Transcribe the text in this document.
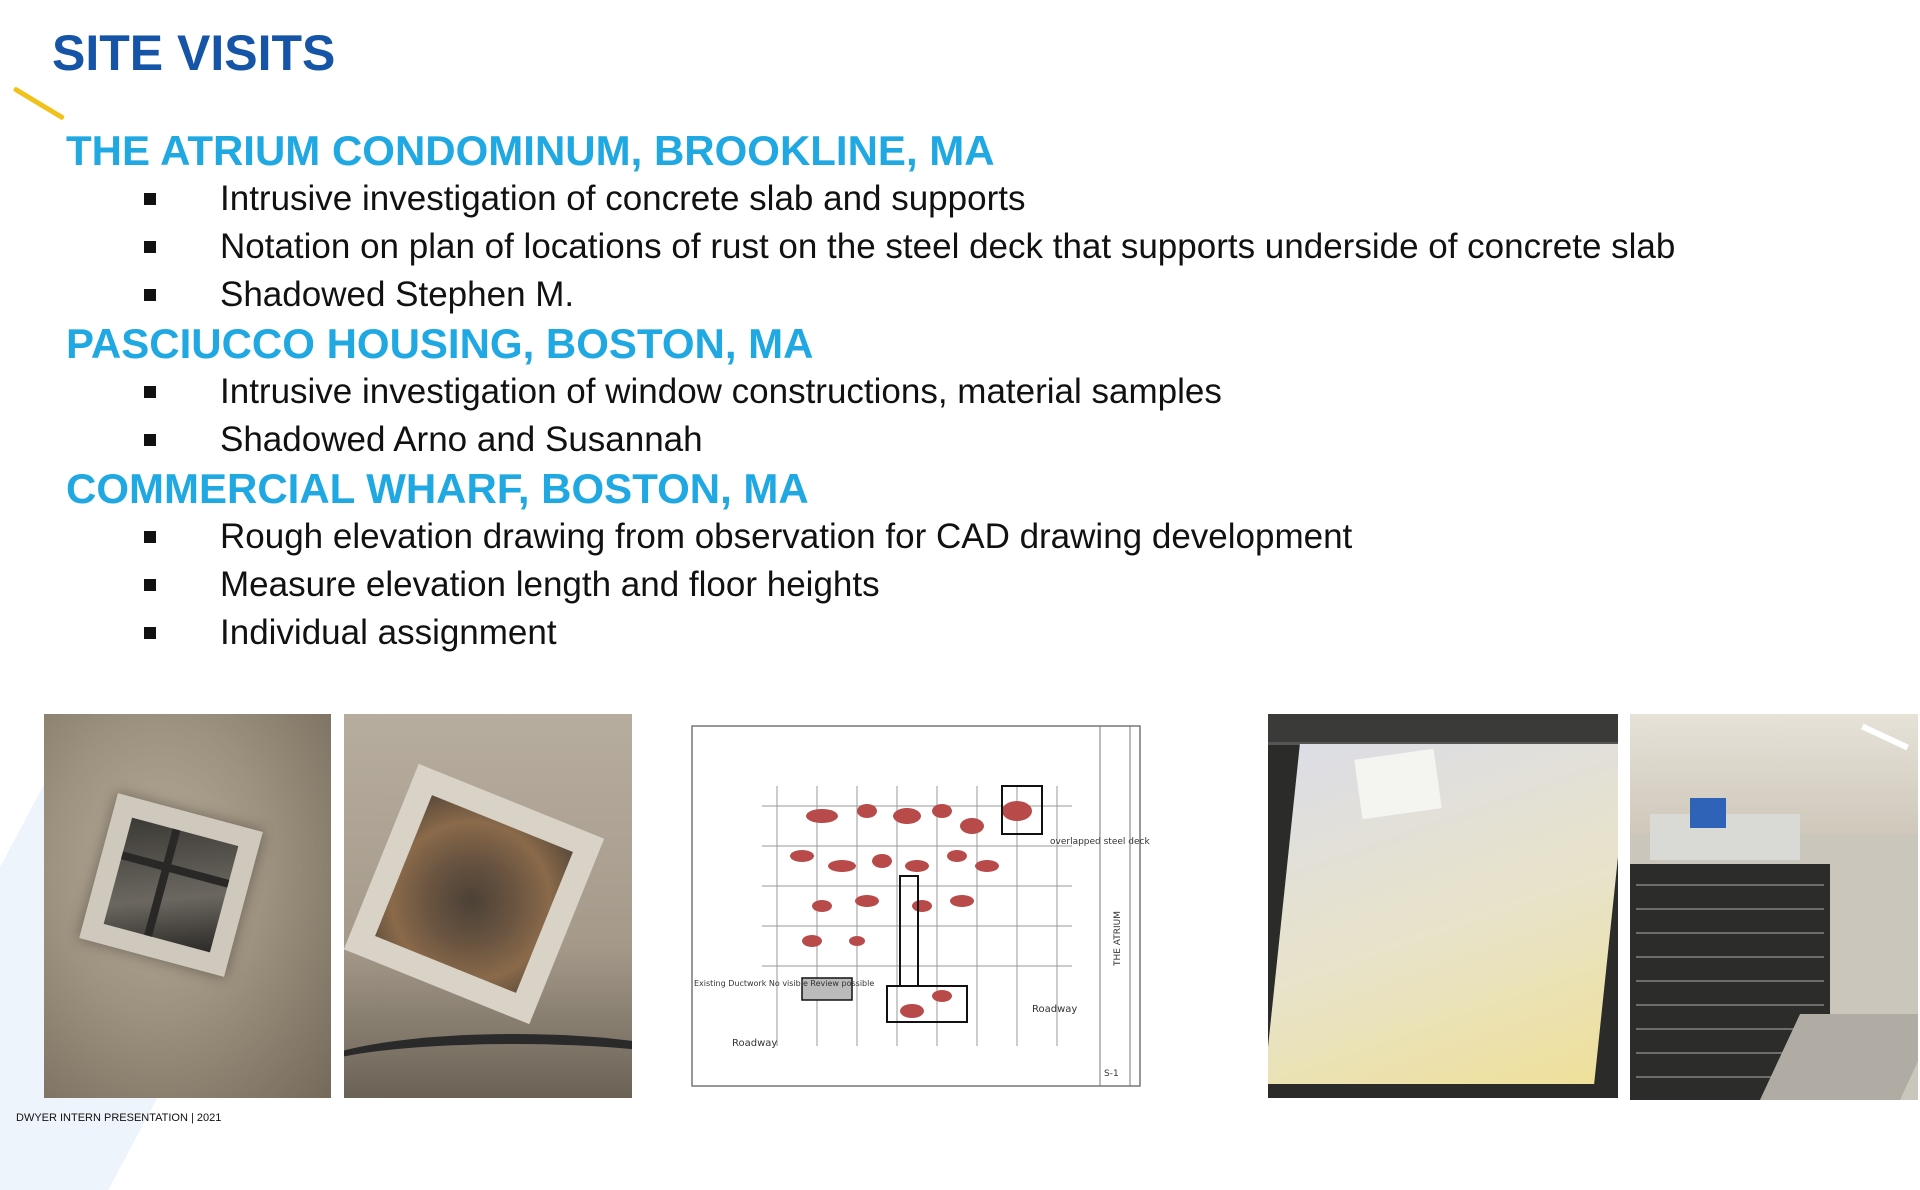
SITE VISITS
THE ATRIUM CONDOMINUM, BROOKLINE, MA
Intrusive investigation of concrete slab and supports
Notation on plan of locations of rust on the steel deck that supports underside of concrete slab
Shadowed Stephen M.
PASCIUCCO HOUSING, BOSTON, MA
Intrusive investigation of window constructions, material samples
Shadowed Arno and Susannah
COMMERCIAL WHARF, BOSTON, MA
Rough elevation drawing from observation for CAD drawing development
Measure elevation length and floor heights
Individual assignment
overlapped steel deck
Existing Ductwork No visible Review possible
Roadway
Roadway
THE ATRIUM
S-1
DWYER INTERN PRESENTATION | 2021
